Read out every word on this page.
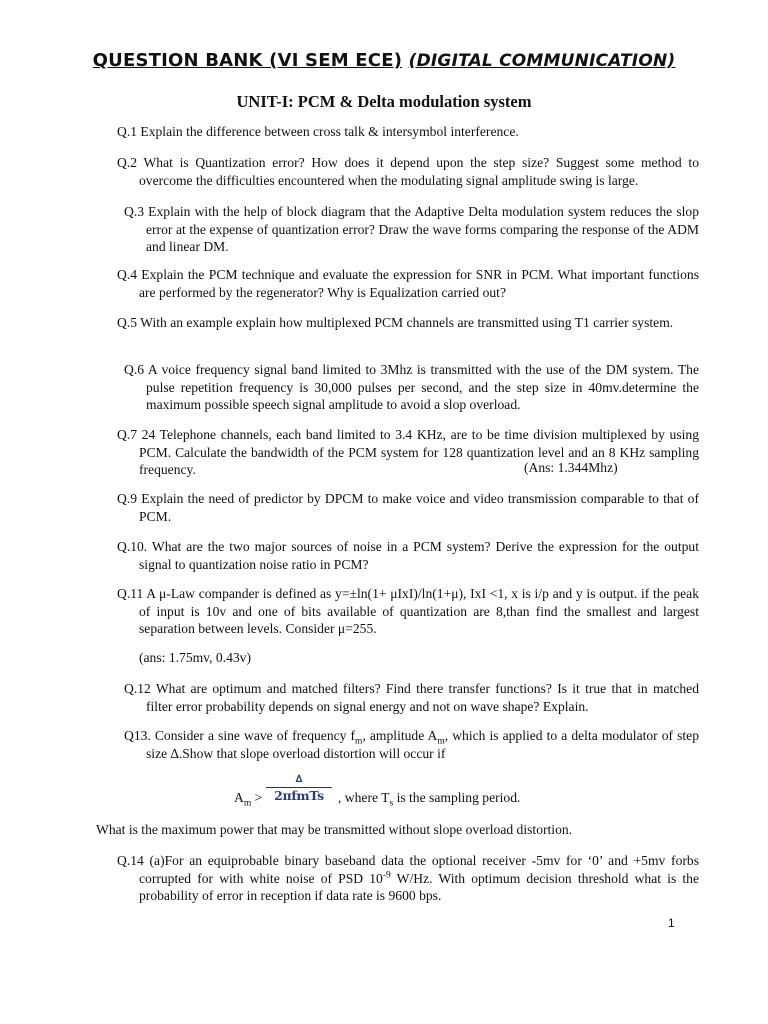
QUESTION BANK (VI SEM ECE) (DIGITAL COMMUNICATION)
UNIT-I: PCM & Delta modulation system
Q.1 Explain the difference between cross talk & intersymbol interference.
Q.2 What is Quantization error? How does it depend upon the step size? Suggest some method to overcome the difficulties encountered when the modulating signal amplitude swing is large.
Q.3 Explain with the help of block diagram that the Adaptive Delta modulation system reduces the slop error at the expense of quantization error? Draw the wave forms comparing the response of the ADM and linear DM.
Q.4 Explain the PCM technique and evaluate the expression for SNR in PCM. What important functions are performed by the regenerator? Why is Equalization carried out?
Q.5 With an example explain how multiplexed PCM channels are transmitted using T1 carrier system.
Q.6 A voice frequency signal band limited to 3Mhz is transmitted with the use of the DM system. The pulse repetition frequency is 30,000 pulses per second, and the step size in 40mv.determine the maximum possible speech signal amplitude to avoid a slop overload.
Q.7 24 Telephone channels, each band limited to 3.4 KHz, are to be time division multiplexed by using PCM. Calculate the bandwidth of the PCM system for 128 quantization level and an 8 KHz sampling frequency.	(Ans: 1.344Mhz)
Q.9 Explain the need of predictor by DPCM to make voice and video transmission comparable to that of PCM.
Q.10. What are the two major sources of noise in a PCM system? Derive the expression for the output signal to quantization noise ratio in PCM?
Q.11 A μ-Law compander is defined as y=±ln(1+ μIxI)/ln(1+μ), IxI <1, x is i/p and y is output. if the peak of input is 10v and one of bits available of quantization are 8,than find the smallest and largest separation between levels. Consider μ=255.
(ans: 1.75mv, 0.43v)
Q.12 What are optimum and matched filters? Find there transfer functions? Is it true that in matched filter error probability depends on signal energy and not on wave shape? Explain.
Q13. Consider a sine wave of frequency $f_m$, amplitude $A_m$, which is applied to a delta modulator of step size ∆.Show that slope overload distortion will occur if
$A_m$ >
∆
2πfmTs	, where $T_s$ is the sampling period.
What is the maximum power that may be transmitted without slope overload distortion.
Q.14 (a)For an equiprobable binary baseband data the optional receiver -5mv for ‘0’ and +5mv forbs corrupted for with white noise of PSD $10^{-9}$ W/Hz. With optimum decision threshold what is the probability of error in reception if data rate is 9600 bps.
1
